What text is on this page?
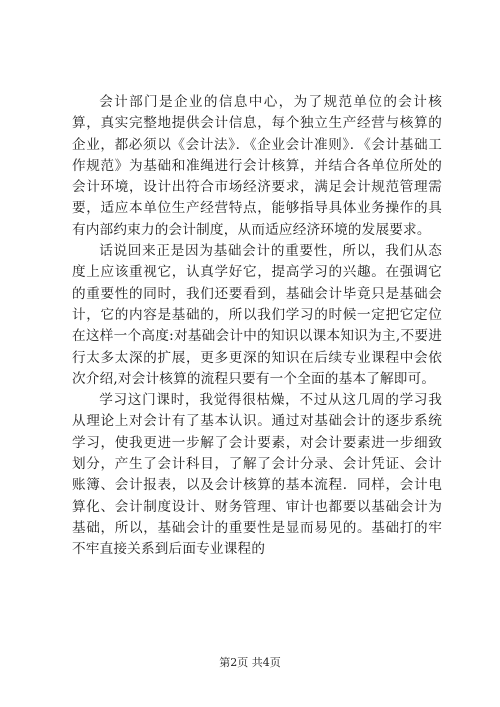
会计部门是企业的信息中心，为了规范单位的会计核算，真实完整地提供会计信息，每个独立生产经营与核算的企业，都必须以《会计法》．《企业会计准则》．《会计基础工作规范》为基础和准绳进行会计核算，并结合各单位所处的会计环境，设计出符合市场经济要求，满足会计规范管理需要，适应本单位生产经营特点，能够指导具体业务操作的具有内部约束力的会计制度，从而适应经济环境的发展要求。

话说回来正是因为基础会计的重要性，所以，我们从态度上应该重视它，认真学好它，提高学习的兴趣。在强调它的重要性的同时，我们还要看到，基础会计毕竟只是基础会计，它的内容是基础的，所以我们学习的时候一定把它定位在这样一个高度:对基础会计中的知识以课本知识为主,不要进行太多太深的扩展，更多更深的知识在后续专业课程中会依次介绍,对会计核算的流程只要有一个全面的基本了解即可。

学习这门课时，我觉得很枯燥，不过从这几周的学习我从理论上对会计有了基本认识。通过对基础会计的逐步系统学习，使我更进一步解了会计要素，对会计要素进一步细致划分，产生了会计科目，了解了会计分录、会计凭证、会计账簿、会计报表，以及会计核算的基本流程．同样，会计电算化、会计制度设计、财务管理、审计也都要以基础会计为基础，所以，基础会计的重要性是显而易见的。基础打的牢不牢直接关系到后面专业课程的

第2页 共4页
